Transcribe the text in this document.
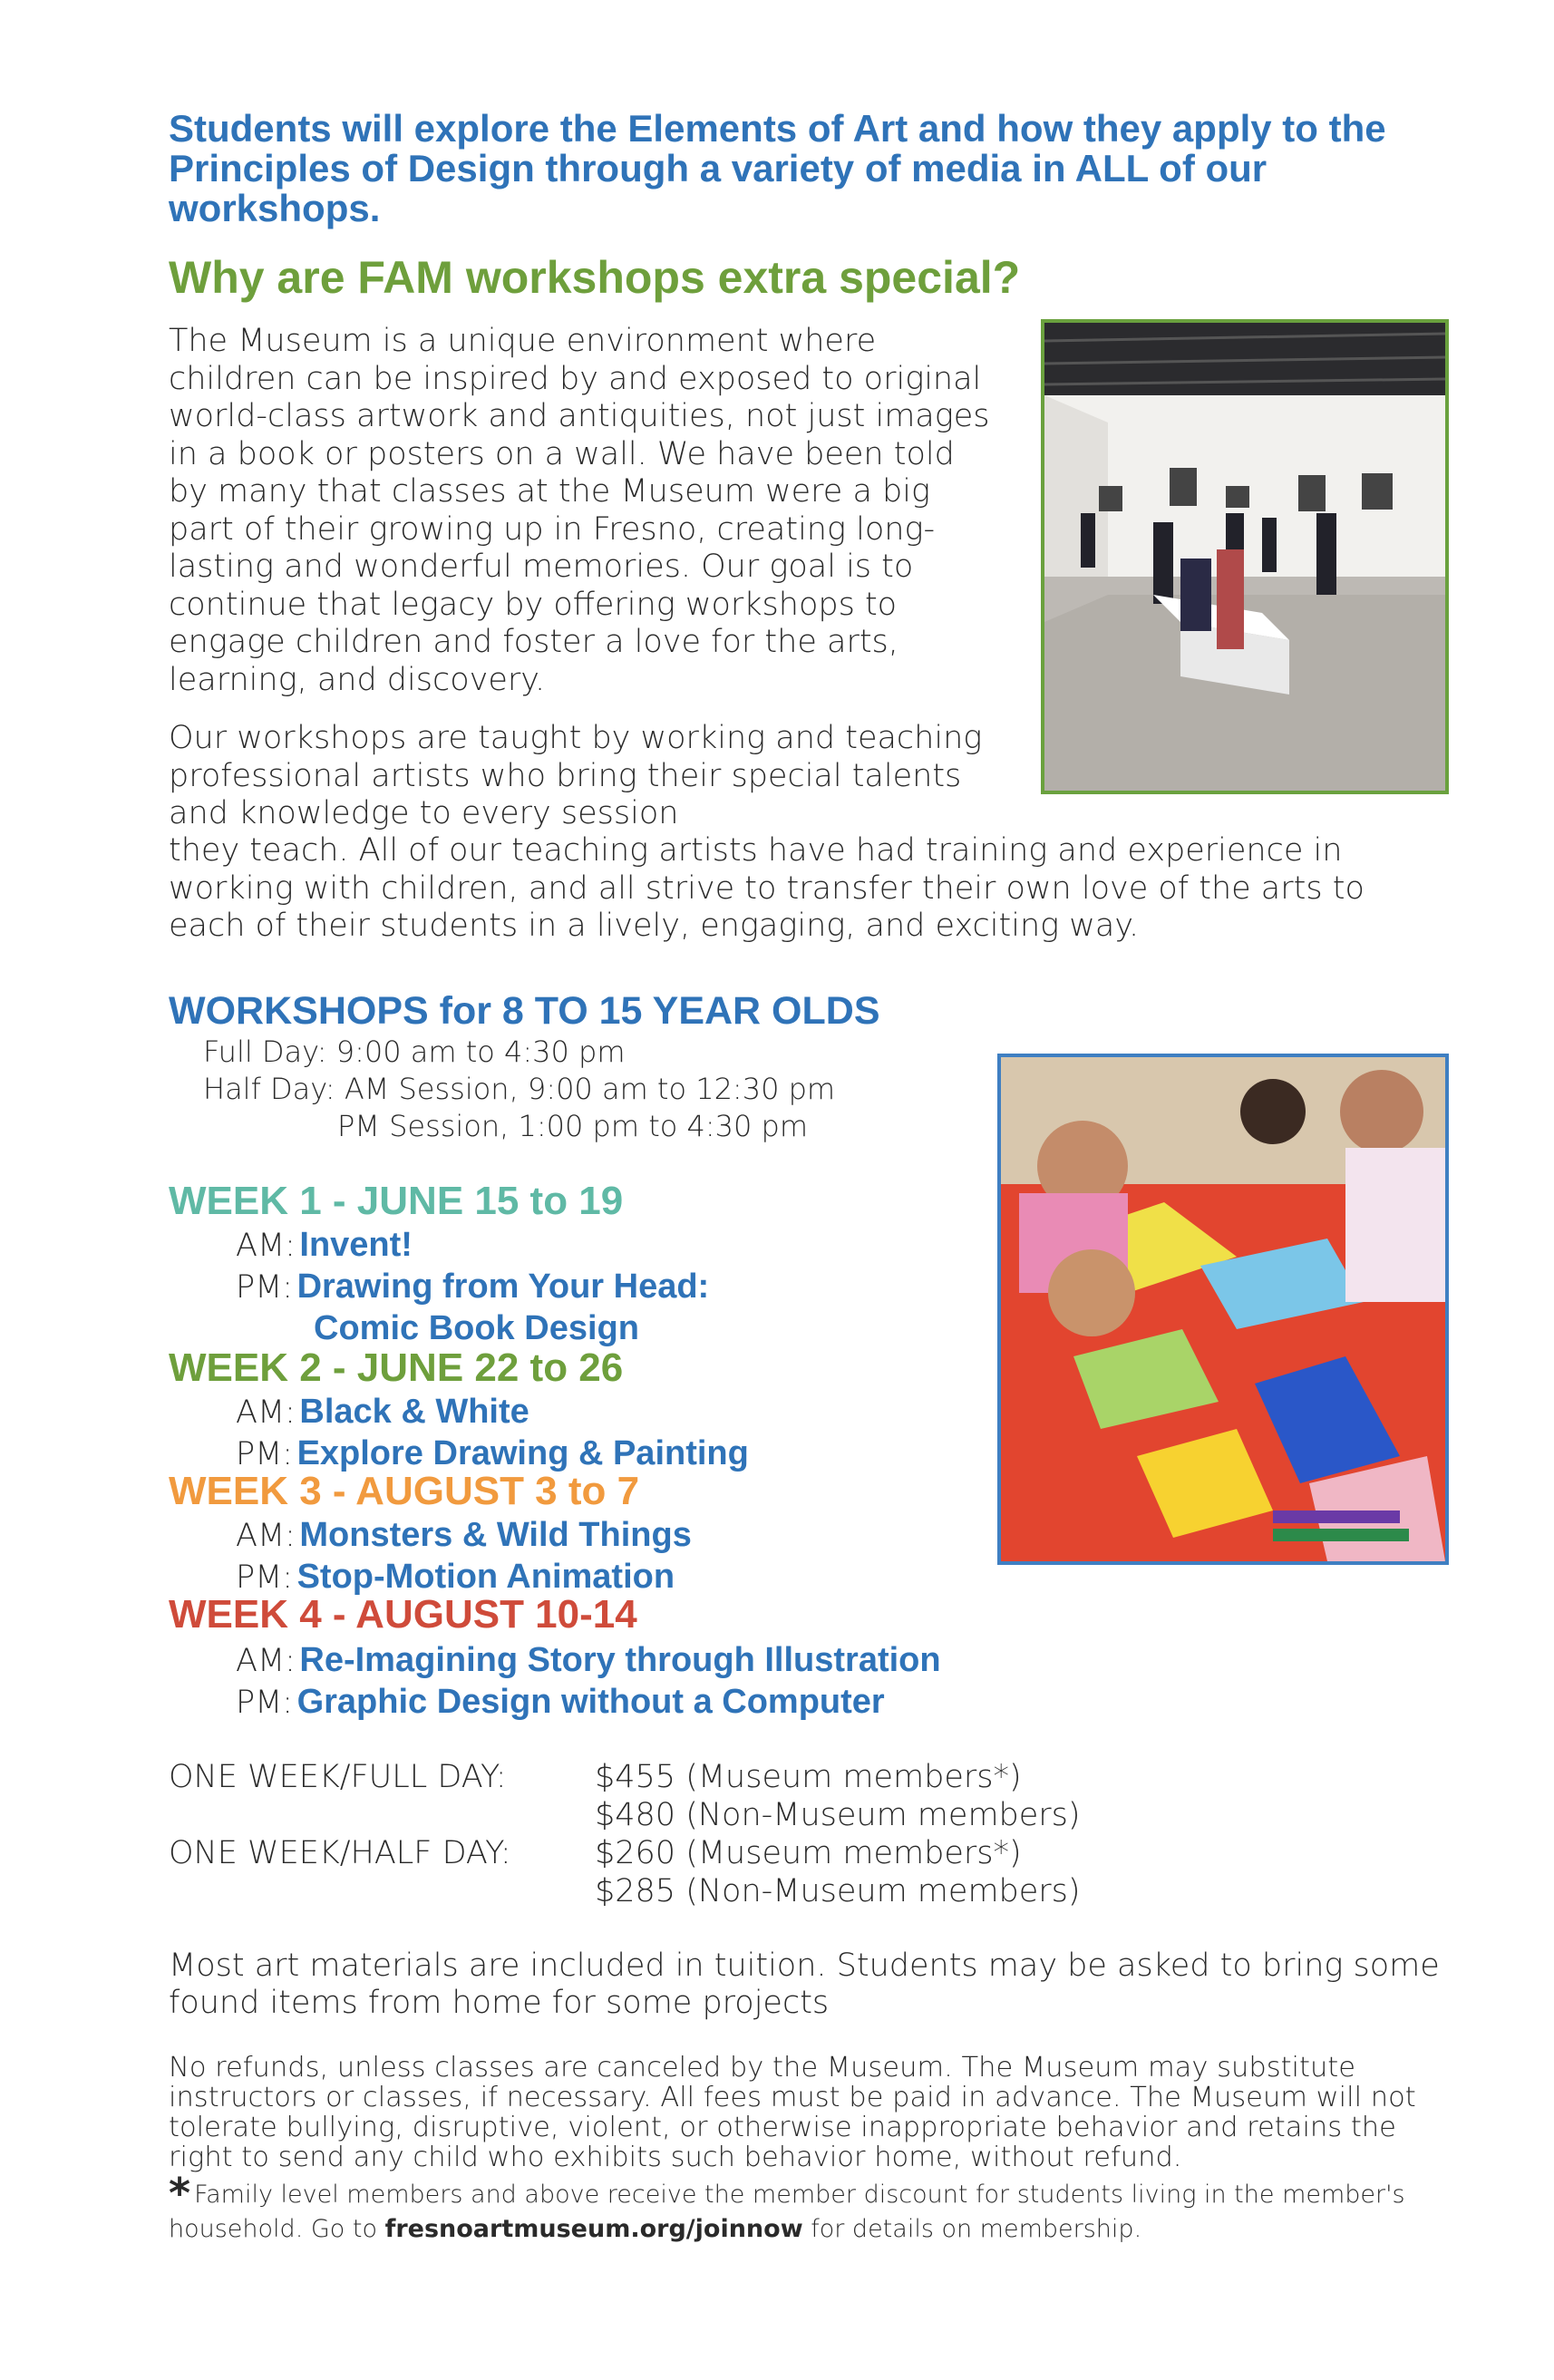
Students will explore the Elements of Art and how they apply to the Principles of Design through a variety of media in ALL of our workshops.
Why are FAM workshops extra special?

The Museum is a unique environment where children can be inspired by and exposed to original world-class artwork and antiquities, not just images in a book or posters on a wall. We have been told by many that classes at the Museum were a big part of their growing up in Fresno, creating long-lasting and wonderful memories. Our goal is to continue that legacy by offering workshops to engage children and foster a love for the arts, learning, and discovery.

Our workshops are taught by working and teaching professional artists who bring their special talents and knowledge to every session

they teach. All of our teaching artists have had training and experience in working with children, and all strive to transfer their own love of the arts to each of their students in a lively, engaging, and exciting way.

WORKSHOPS for 8 TO 15 YEAR OLDS
Full Day: 9:00 am to 4:30 pm
Half Day: AM Session, 9:00 am to 12:30 pm
PM Session, 1:00 pm to 4:30 pm
WEEK 1 - JUNE 15 to 19
AM: Invent!
PM: Drawing from Your Head:
Comic Book Design
WEEK 2 - JUNE 22 to 26
AM: Black & White
PM: Explore Drawing & Painting
WEEK 3 - AUGUST 3 to 7
AM: Monsters & Wild Things
PM: Stop-Motion Animation
WEEK 4 - AUGUST 10-14
AM: Re-Imagining Story through Illustration
PM: Graphic Design without a Computer
ONE WEEK/FULL DAY:	$455 (Museum members*)
$480 (Non-Museum members)
ONE WEEK/HALF DAY:	$260 (Museum members*)
$285 (Non-Museum members)
Most art materials are included in tuition. Students may be asked to bring some found items from home for some projects
No refunds, unless classes are canceled by the Museum. The Museum may substitute instructors or classes, if necessary. All fees must be paid in advance. The Museum will not tolerate bullying, disruptive, violent, or otherwise inappropriate behavior and retains the right to send any child who exhibits such behavior home, without refund.
* Family level members and above receive the member discount for students living in the member's household. Go to fresnoartmuseum.org/joinnow for details on membership.
